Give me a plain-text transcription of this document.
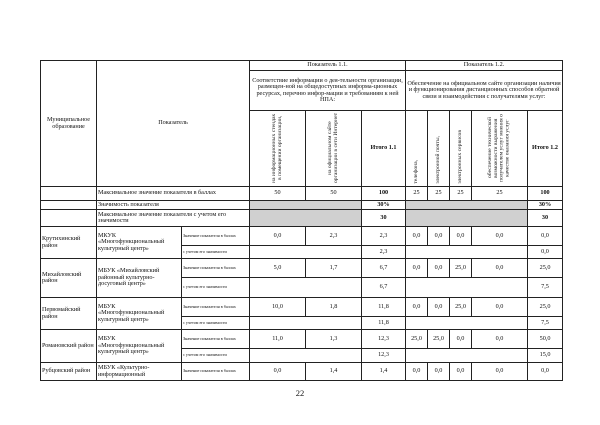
Муниципальное образование	Показатель		Показатель 1.1.			Показатель 1.2.				
			Соответствие информации о дея-тельности организации, размещен-ной на общедоступных информа-ционных ресурсах, перечню инфор-мации и требованиям к ней НПА:			Обеспечение на официальном сайте организации наличия и функционирования дистанционных способов обратной связи и взаимодействия с получателями услуг:				

			на информационных стендах в помещении организации,	на официальном сайте организации в сети Интернет	Итого 1.1	телефона,	электронной почты,	электронных сервисов	обеспечение технической возможности выражения получателем услуг мнения о качестве оказания услуг	Итого 1.2

	Максимальное значение показателя в баллах		50	50	100	25	25	25	25	100
	Значимость показателя				30%					30%
	Максимальное значение показателя с учетом его значимости				30					30
Крутихинский район	МКУК «Многофункциональный культурный центр»	Значение показателя в баллах	0,0	2,3	2,3	0,0	0,0	0,0	0,0	0,0
		с учетом его значимости			2,3					0,0
Михайловский район	МБУК «Михайловский районный культурно-досуговый центр»	Значение показателя в баллах	5,0	1,7	6,7	0,0	0,0	25,0	0,0	25,0
		с учетом его значимости			6,7					7,5
Первомайский район	МБУК «Многофункциональный культурный центр»	Значение показателя в баллах	10,0	1,8	11,8	0,0	0,0	25,0	0,0	25,0
		с учетом его значимости			11,8					7,5
Романовский район	МБУК «Многофункциональный культурный центр»	Значение показателя в баллах	11,0	1,3	12,3	25,0	25,0	0,0	0,0	50,0
		с учетом его значимости			12,3					15,0
Рубцовский район	МБУК «Культурно-информационный	Значение показателя в баллах	0,0	1,4	1,4	0,0	0,0	0,0	0,0	0,0
22
